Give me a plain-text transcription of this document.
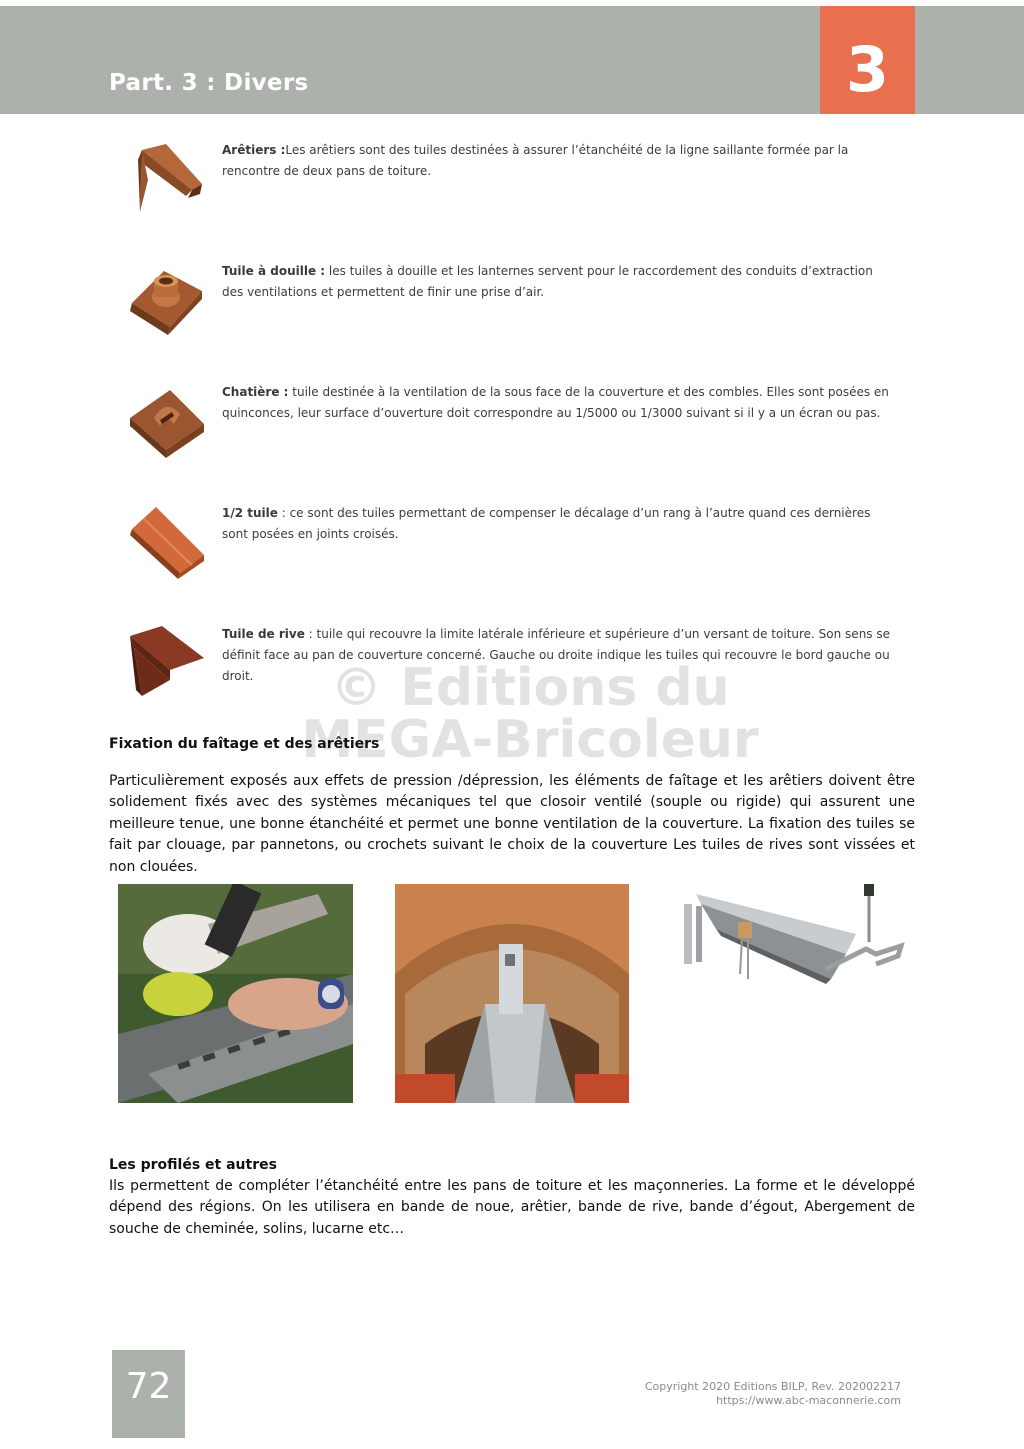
Part. 3 : Divers	3
Arêtiers :Les arêtiers sont des tuiles destinées à assurer l’étanchéité de la ligne saillante formée par la rencontre de deux pans de toiture.
Tuile à douille : les tuiles à douille et les lanternes servent pour le raccordement des conduits d’extraction des ventilations et permettent de finir une prise d’air.
Chatière : tuile destinée à la ventilation de la sous face de la couverture et des combles. Elles sont posées en quinconces, leur surface d’ouverture doit correspondre au 1/5000 ou 1/3000 suivant si il y a un écran ou pas.
1/2 tuile : ce sont des tuiles permettant de compenser le décalage d’un rang à l’autre quand ces dernières sont posées en joints croisés.
Tuile de rive : tuile qui recouvre la limite latérale inférieure et supérieure d’un versant de toiture. Son sens se définit face au pan de couverture concerné. Gauche ou droite indique les tuiles qui recouvre le bord gauche ou droit.	© Editions du
MEGA-Bricoleur
Fixation du faîtage et des arêtiers
Particulièrement exposés aux effets de pression /dépression, les éléments de faîtage et les arêtiers doivent être solidement fixés avec des systèmes mécaniques tel que closoir ventilé (souple ou rigide) qui assurent une meilleure tenue, une bonne étanchéité et permet une bonne ventilation de la couverture. La fixation des tuiles se fait par clouage, par pannetons, ou crochets suivant le choix de la couverture Les tuiles de rives sont vissées et non clouées.
Les profilés et autres
Ils permettent de compléter l’étanchéité entre les pans de toiture et les maçonneries. La forme et le développé dépend des régions. On les utilisera en bande de noue, arêtier, bande de rive, bande d’égout, Abergement de souche de cheminée, solins, lucarne etc…
72	Copyright 2020 Editions BILP, Rev. 202002217
https://www.abc-maconnerie.com
